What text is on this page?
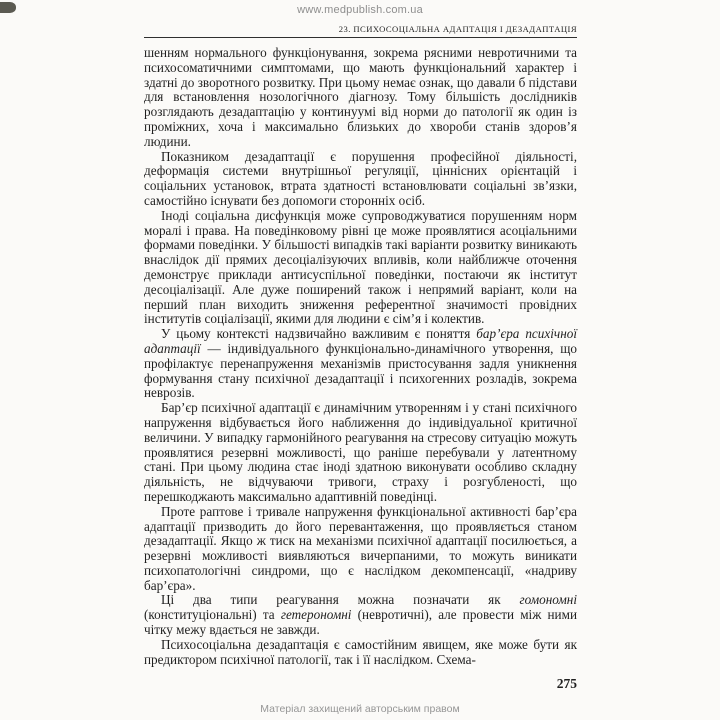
www.medpublish.com.ua
23. ПСИХОСОЦІАЛЬНА АДАПТАЦІЯ І ДЕЗАДАПТАЦІЯ

шенням нормального функціонування, зокрема рясними невротичними та психосоматичними симптомами, що мають функціональний характер і здатні до зворотного розвитку. При цьому немає ознак, що давали б підстави для встановлення нозологічного діагнозу. Тому більшість дослідників розглядають дезадаптацію у континуумі від норми до патології як один із проміжних, хоча і максимально близьких до хвороби станів здоров’я людини.

Показником дезадаптації є порушення професійної діяльності, деформація системи внутрішньої регуляції, ціннісних орієнтацій і соціальних установок, втрата здатності встановлювати соціальні зв’язки, самостійно існувати без допомоги сторонніх осіб.

Іноді соціальна дисфункція може супроводжуватися порушенням норм моралі і права. На поведінковому рівні це може проявлятися асоціальними формами поведінки. У більшості випадків такі варіанти розвитку виникають внаслідок дії прямих десоціалізуючих впливів, коли найближче оточення демонструє приклади антисуспільної поведінки, постаючи як інститут десоціалізації. Але дуже поширений також і непрямий варіант, коли на перший план виходить зниження референтної значимості провідних інститутів соціалізації, якими для людини є сім’я і колектив.

У цьому контексті надзвичайно важливим є поняття бар’єра психічної адаптації — індивідуального функціонально-динамічного утворення, що профілактує перенапруження механізмів пристосування задля уникнення формування стану психічної дезадаптації і психогенних розладів, зокрема неврозів.

Бар’єр психічної адаптації є динамічним утворенням і у стані психічного напруження відбувається його наближення до індивідуальної критичної величини. У випадку гармонійного реагування на стресову ситуацію можуть проявлятися резервні можливості, що раніше перебували у латентному стані. При цьому людина стає іноді здатною виконувати особливо складну діяльність, не відчуваючи тривоги, страху і розгубленості, що перешкоджають максимально адаптивній поведінці.

Проте раптове і тривале напруження функціональної активності бар’єра адаптації призводить до його перевантаження, що проявляється станом дезадаптації. Якщо ж тиск на механізми психічної адаптації посилюється, а резервні можливості виявляються вичерпаними, то можуть виникати психопатологічні синдроми, що є наслідком декомпенсації, «надриву бар’єра».

Ці два типи реагування можна позначати як гомономні (конституціональні) та гетерономні (невротичні), але провести між ними чітку межу вдається не завжди.

Психосоціальна дезадаптація є самостійним явищем, яке може бути як предиктором психічної патології, так і її наслідком. Схема-

275
Матеріал захищений авторським правом
